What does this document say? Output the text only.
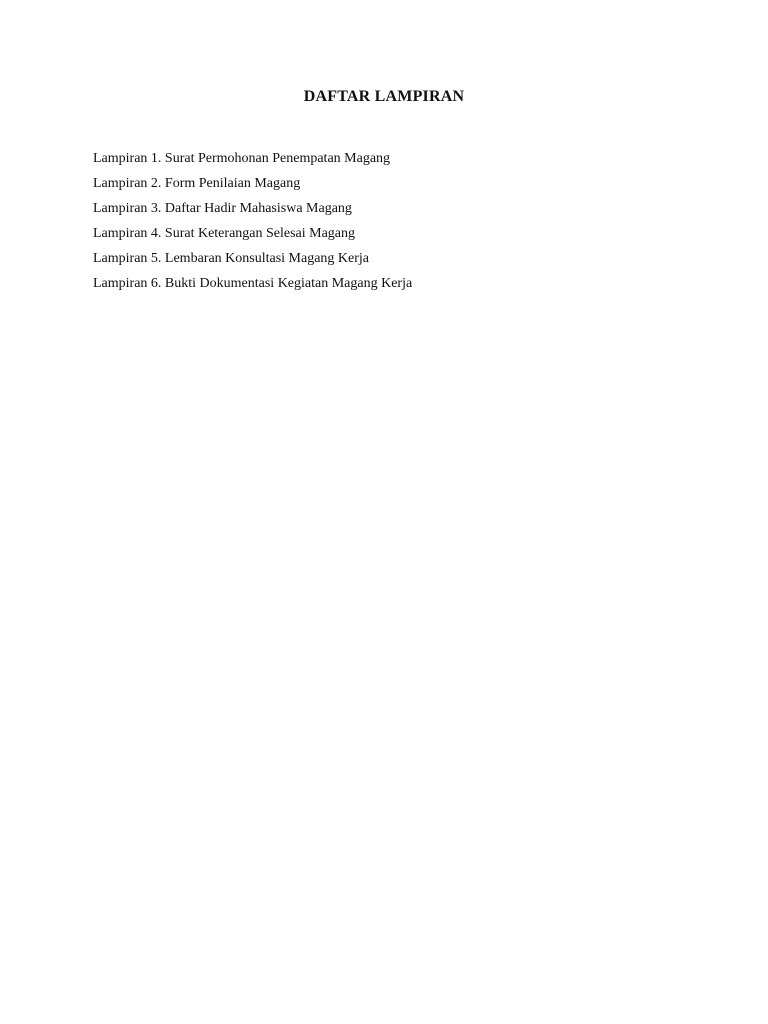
DAFTAR LAMPIRAN
Lampiran 1. Surat Permohonan Penempatan Magang
Lampiran 2. Form Penilaian Magang
Lampiran 3. Daftar Hadir Mahasiswa Magang
Lampiran 4. Surat Keterangan Selesai Magang
Lampiran 5. Lembaran Konsultasi Magang Kerja
Lampiran 6. Bukti Dokumentasi Kegiatan Magang Kerja
